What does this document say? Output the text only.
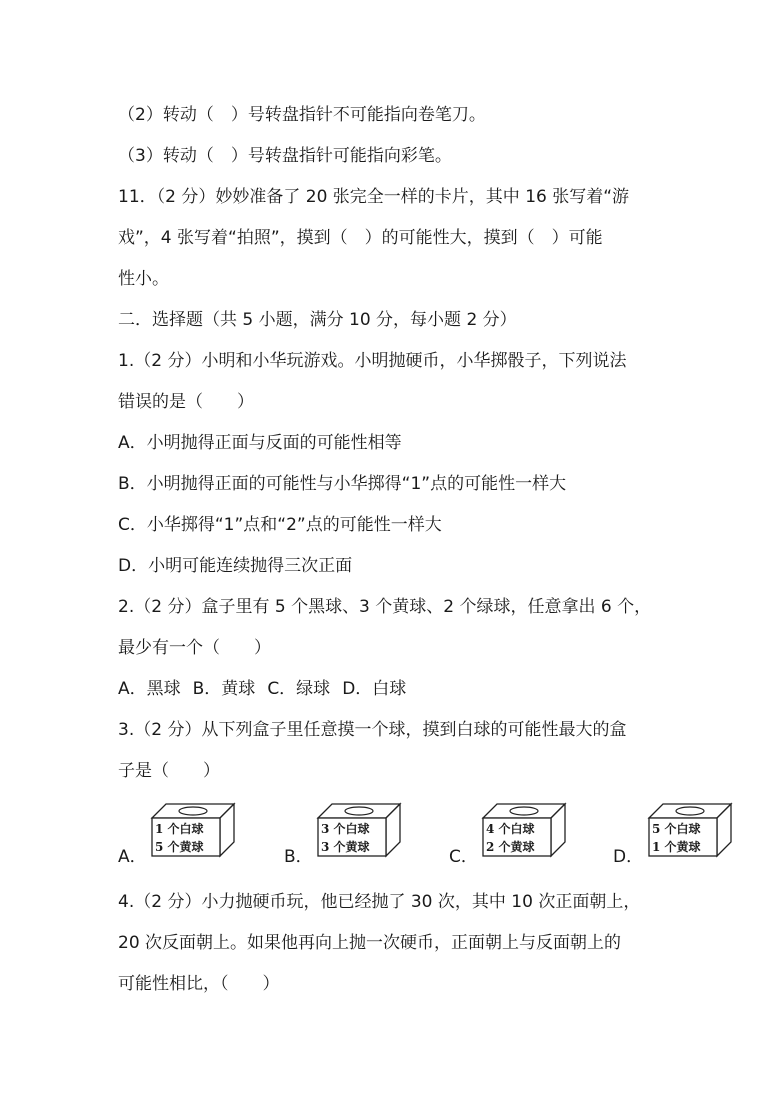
（2）转动（　）号转盘指针不可能指向卷笔刀。
（3）转动（　）号转盘指针可能指向彩笔。
11．（2 分）妙妙准备了 20 张完全一样的卡片，其中 16 张写着“游
戏”，4 张写着“拍照”，摸到（　）的可能性大，摸到（　）可能
性小。
二．选择题（共 5 小题，满分 10 分，每小题 2 分）
1.（2 分）小明和小华玩游戏。小明抛硬币，小华掷骰子，下列说法
错误的是（　　）
A．小明抛得正面与反面的可能性相等
B．小明抛得正面的可能性与小华掷得“1”点的可能性一样大
C．小华掷得“1”点和“2”点的可能性一样大
D．小明可能连续抛得三次正面
2.（2 分）盒子里有 5 个黑球、3 个黄球、2 个绿球，任意拿出 6 个，
最少有一个（　　）
A．黑球 B．黄球 C．绿球 D．白球
3.（2 分）从下列盒子里任意摸一个球，摸到白球的可能性最大的盒
子是（　　）
A．
1 个白球
5 个黄球	B．
3 个白球
3 个黄球	C．
4 个白球
2 个黄球	D．
5 个白球
1 个黄球
4.（2 分）小力抛硬币玩，他已经抛了 30 次，其中 10 次正面朝上，
20 次反面朝上。如果他再向上抛一次硬币，正面朝上与反面朝上的
可能性相比，（　　）
